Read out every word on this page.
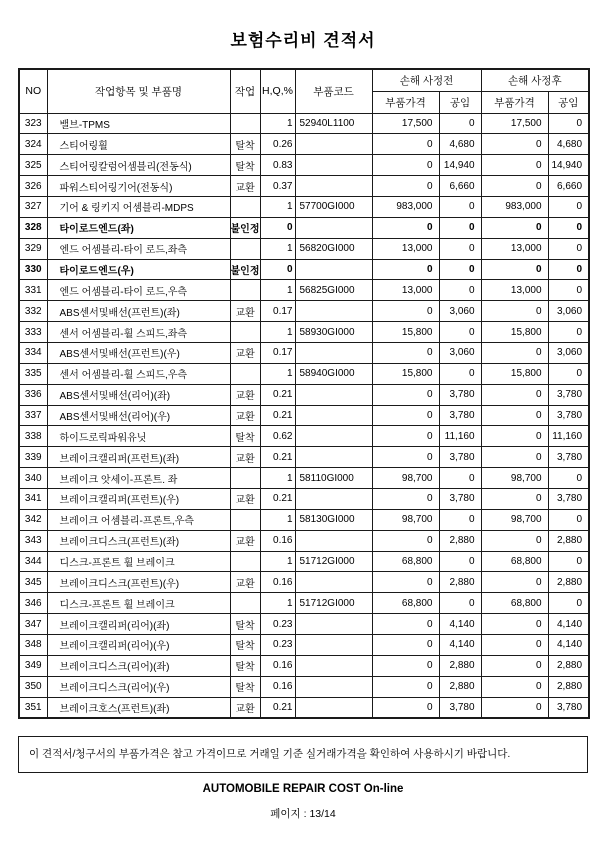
보험수리비 견적서
NO	작업항목 및 부품명	작업	H,Q,%	부품코드	손해 사정전		손해 사정후	
					부품가격	공임	부품가격	공임
323	밸브-TPMS		1	52940L1100	17,500	0	17,500	0
324	스티어링휠	탈착	0.26		0	4,680	0	4,680
325	스티어링칼럼어셈블리(전동식)	탈착	0.83		0	14,940	0	14,940
326	파워스티어링기어(전동식)	교환	0.37		0	6,660	0	6,660
327	기어 & 링키지 어셈블리-MDPS		1	57700GI000	983,000	0	983,000	0
328	타이로드엔드(좌)	불인정	0		0	0	0	0
329	엔드 어셈블리-타이 로드,좌측		1	56820GI000	13,000	0	13,000	0
330	타이로드엔드(우)	불인정	0		0	0	0	0
331	엔드 어셈블리-타이 로드,우측		1	56825GI000	13,000	0	13,000	0
332	ABS센서및배선(프런트)(좌)	교환	0.17		0	3,060	0	3,060
333	센서 어셈블리-휠 스피드,좌측		1	58930GI000	15,800	0	15,800	0
334	ABS센서및배선(프런트)(우)	교환	0.17		0	3,060	0	3,060
335	센서 어셈블리-휠 스피드,우측		1	58940GI000	15,800	0	15,800	0
336	ABS센서및배선(리어)(좌)	교환	0.21		0	3,780	0	3,780
337	ABS센서및배선(리어)(우)	교환	0.21		0	3,780	0	3,780
338	하이드로릭파워유닛	탈착	0.62		0	11,160	0	11,160
339	브레이크캘리퍼(프런트)(좌)	교환	0.21		0	3,780	0	3,780
340	브레이크 앗세이-프론트. 좌		1	58110GI000	98,700	0	98,700	0
341	브레이크캘리퍼(프런트)(우)	교환	0.21		0	3,780	0	3,780
342	브레이크 어셈블리-프론트,우측		1	58130GI000	98,700	0	98,700	0
343	브레이크디스크(프런트)(좌)	교환	0.16		0	2,880	0	2,880
344	디스크-프론트 휠 브레이크		1	51712GI000	68,800	0	68,800	0
345	브레이크디스크(프런트)(우)	교환	0.16		0	2,880	0	2,880
346	디스크-프론트 휠 브레이크		1	51712GI000	68,800	0	68,800	0
347	브레이크캘리퍼(리어)(좌)	탈착	0.23		0	4,140	0	4,140
348	브레이크캘리퍼(리어)(우)	탈착	0.23		0	4,140	0	4,140
349	브레이크디스크(리어)(좌)	탈착	0.16		0	2,880	0	2,880
350	브레이크디스크(리어)(우)	탈착	0.16		0	2,880	0	2,880
351	브레이크호스(프런트)(좌)	교환	0.21		0	3,780	0	3,780
이 견적서/청구서의 부품가격은 참고 가격이므로 거래일 기준 실거래가격을 확인하여 사용하시기 바랍니다.
AUTOMOBILE REPAIR COST On-line
페이지 : 13/14
